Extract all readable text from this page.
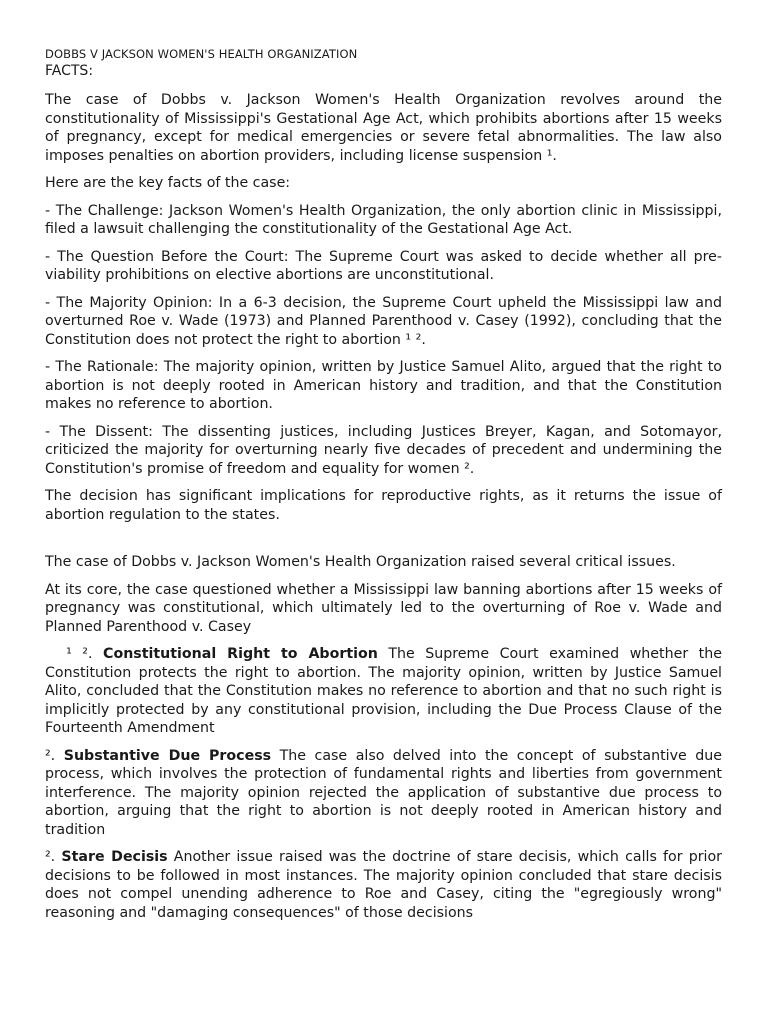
DOBBS V JACKSON WOMEN'S HEALTH ORGANIZATION
FACTS:

The case of Dobbs v. Jackson Women's Health Organization revolves around the constitutionality of Mississippi's Gestational Age Act, which prohibits abortions after 15 weeks of pregnancy, except for medical emergencies or severe fetal abnormalities. The law also imposes penalties on abortion providers, including license suspension ¹.

Here are the key facts of the case:

- The Challenge: Jackson Women's Health Organization, the only abortion clinic in Mississippi, filed a lawsuit challenging the constitutionality of the Gestational Age Act.

- The Question Before the Court: The Supreme Court was asked to decide whether all pre-viability prohibitions on elective abortions are unconstitutional.

- The Majority Opinion: In a 6-3 decision, the Supreme Court upheld the Mississippi law and overturned Roe v. Wade (1973) and Planned Parenthood v. Casey (1992), concluding that the Constitution does not protect the right to abortion ¹ ².

- The Rationale: The majority opinion, written by Justice Samuel Alito, argued that the right to abortion is not deeply rooted in American history and tradition, and that the Constitution makes no reference to abortion.

- The Dissent: The dissenting justices, including Justices Breyer, Kagan, and Sotomayor, criticized the majority for overturning nearly five decades of precedent and undermining the Constitution's promise of freedom and equality for women ².

The decision has significant implications for reproductive rights, as it returns the issue of abortion regulation to the states.

The case of Dobbs v. Jackson Women's Health Organization raised several critical issues.

At its core, the case questioned whether a Mississippi law banning abortions after 15 weeks of pregnancy was constitutional, which ultimately led to the overturning of Roe v. Wade and Planned Parenthood v. Casey

¹ ². Constitutional Right to Abortion The Supreme Court examined whether the Constitution protects the right to abortion. The majority opinion, written by Justice Samuel Alito, concluded that the Constitution makes no reference to abortion and that no such right is implicitly protected by any constitutional provision, including the Due Process Clause of the Fourteenth Amendment

². Substantive Due Process The case also delved into the concept of substantive due process, which involves the protection of fundamental rights and liberties from government interference. The majority opinion rejected the application of substantive due process to abortion, arguing that the right to abortion is not deeply rooted in American history and tradition

². Stare Decisis Another issue raised was the doctrine of stare decisis, which calls for prior decisions to be followed in most instances. The majority opinion concluded that stare decisis does not compel unending adherence to Roe and Casey, citing the "egregiously wrong" reasoning and "damaging consequences" of those decisions
